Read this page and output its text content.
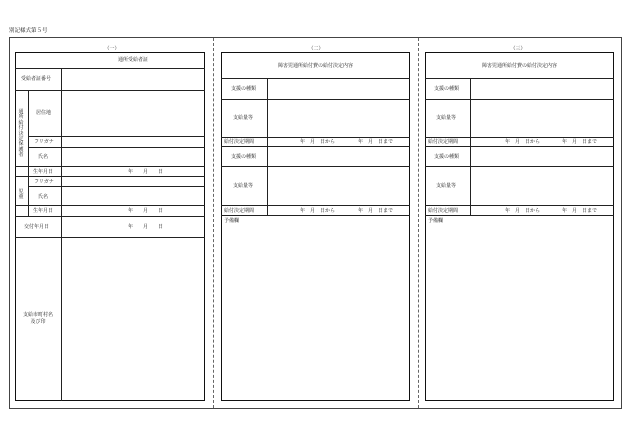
別記様式第５号
（一）	（二）	（三）
通所受給者証
受給者証番号
通所給付決定保護者
居住地
フリガナ
氏名
生年月日	年　　月　　日
児童
フリガナ
氏名
生年月日	年　　月　　日
交付年月日	年　　月　　日
支給市町村名
及び印
障害児通所給付費の給付決定内容
支援の種類
支給量等
給付決定期間	年　月　日から	年　月　日まで
支援の種類
支給量等
給付決定期間	年　月　日から	年　月　日まで
予備欄
障害児通所給付費の給付決定内容
支援の種類
支給量等
給付決定期間	年　月　日から	年　月　日まで
支援の種類
支給量等
給付決定期間	年　月　日から	年　月　日まで
予備欄
